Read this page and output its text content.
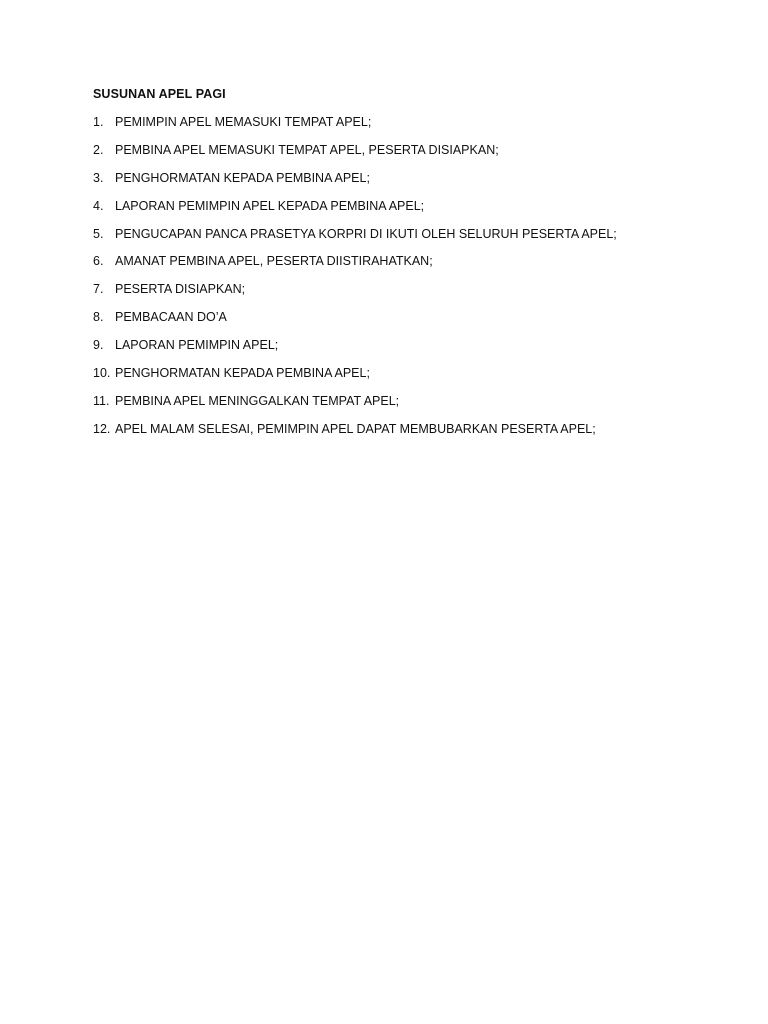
SUSUNAN APEL PAGI
1. PEMIMPIN APEL MEMASUKI TEMPAT APEL;
2. PEMBINA APEL MEMASUKI TEMPAT APEL, PESERTA DISIAPKAN;
3. PENGHORMATAN KEPADA PEMBINA APEL;
4. LAPORAN PEMIMPIN APEL KEPADA PEMBINA APEL;
5. PENGUCAPAN PANCA PRASETYA KORPRI DI IKUTI OLEH SELURUH PESERTA APEL;
6. AMANAT PEMBINA APEL, PESERTA DIISTIRAHATKAN;
7. PESERTA DISIAPKAN;
8. PEMBACAAN DO’A
9. LAPORAN PEMIMPIN APEL;
10. PENGHORMATAN KEPADA PEMBINA APEL;
11. PEMBINA APEL MENINGGALKAN TEMPAT APEL;
12. APEL MALAM SELESAI, PEMIMPIN APEL DAPAT MEMBUBARKAN PESERTA APEL;
